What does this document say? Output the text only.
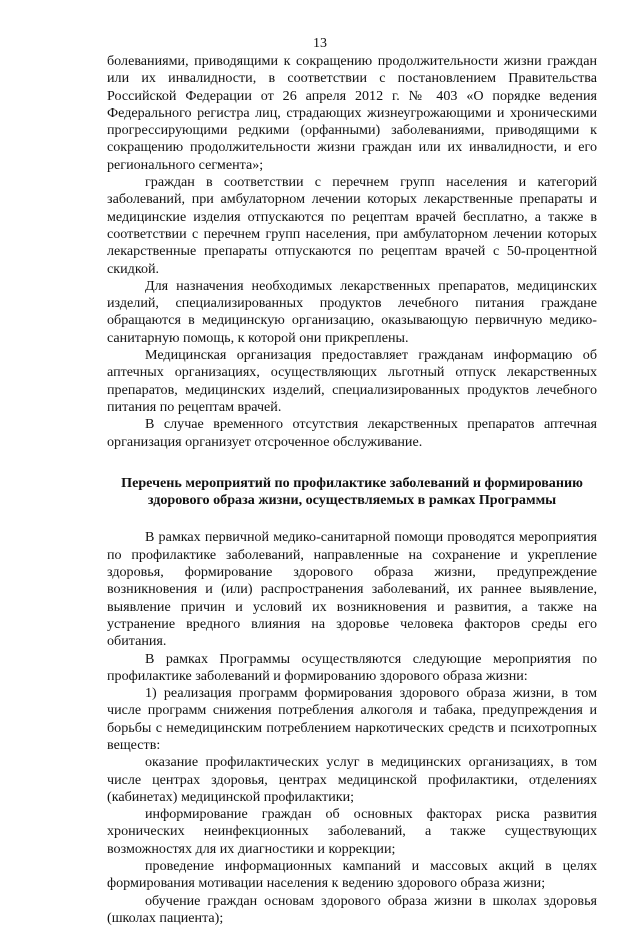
13

болеваниями, приводящими к сокращению продолжительности жизни граждан или их инвалидности, в соответствии с постановлением Правительства Российской Федерации от 26 апреля 2012 г. № 403 «О порядке ведения Федерального регистра лиц, страдающих жизнеугрожающими и хроническими прогрессирующими редкими (орфанными) заболеваниями, приводящими к сокращению продолжительности жизни граждан или их инвалидности, и его регионального сегмента»;

граждан в соответствии с перечнем групп населения и категорий заболеваний, при амбулаторном лечении которых лекарственные препараты и медицинские изделия отпускаются по рецептам врачей бесплатно, а также в соответствии с перечнем групп населения, при амбулаторном лечении которых лекарственные препараты отпускаются по рецептам врачей с 50-процентной скидкой.

Для назначения необходимых лекарственных препаратов, медицинских изделий, специализированных продуктов лечебного питания граждане обращаются в медицинскую организацию, оказывающую первичную медико-санитарную помощь, к которой они прикреплены.

Медицинская организация предоставляет гражданам информацию об аптечных организациях, осуществляющих льготный отпуск лекарственных препаратов, медицинских изделий, специализированных продуктов лечебного питания по рецептам врачей.

В случае временного отсутствия лекарственных препаратов аптечная организация организует отсроченное обслуживание.

Перечень мероприятий по профилактике заболеваний и формированию здорового образа жизни, осуществляемых в рамках Программы

В рамках первичной медико-санитарной помощи проводятся мероприятия по профилактике заболеваний, направленные на сохранение и укрепление здоровья, формирование здорового образа жизни, предупреждение возникновения и (или) распространения заболеваний, их раннее выявление, выявление причин и условий их возникновения и развития, а также на устранение вредного влияния на здоровье человека факторов среды его обитания.

В рамках Программы осуществляются следующие мероприятия по профилактике заболеваний и формированию здорового образа жизни:

1) реализация программ формирования здорового образа жизни, в том числе программ снижения потребления алкоголя и табака, предупреждения и борьбы с немедицинским потреблением наркотических средств и психотропных веществ:

оказание профилактических услуг в медицинских организациях, в том числе центрах здоровья, центрах медицинской профилактики, отделениях (кабинетах) медицинской профилактики;

информирование граждан об основных факторах риска развития хронических неинфекционных заболеваний, а также существующих возможностях для их диагностики и коррекции;

проведение информационных кампаний и массовых акций в целях формирования мотивации населения к ведению здорового образа жизни;

обучение граждан основам здорового образа жизни в школах здоровья (школах пациента);
